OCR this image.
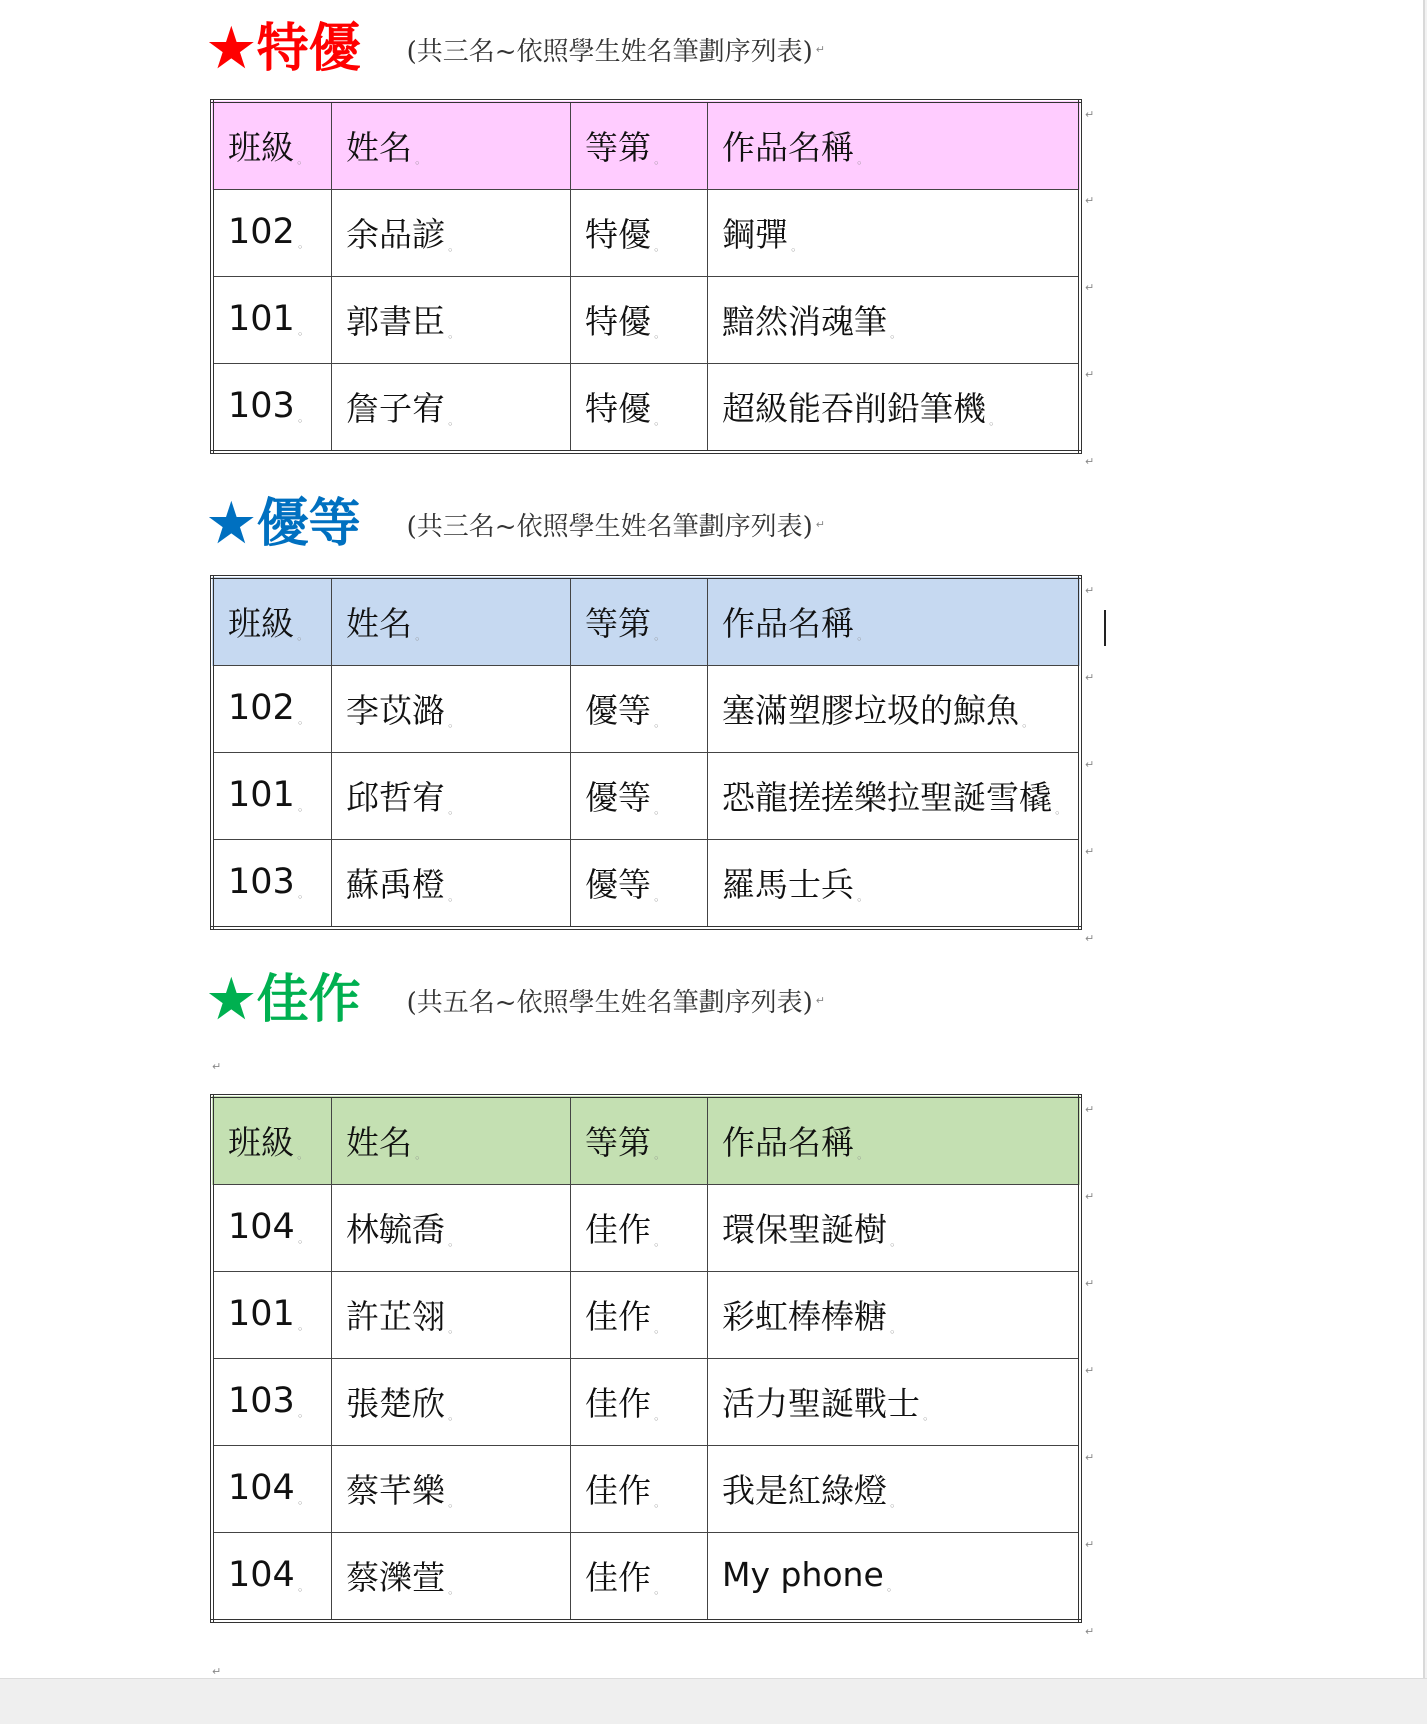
★特優 (共三名~依照學生姓名筆劃序列表) ↵
班級 $_◦$	姓名 $_◦$	等第 $_◦$	作品名稱 $_◦$
102 $_◦$	余品諺 $_◦$	特優 $_◦$	鋼彈 $_◦$
101 $_◦$	郭書臣 $_◦$	特優 $_◦$	黯然消魂筆 $_◦$
103 $_◦$	詹子宥 $_◦$	特優 $_◦$	超級能吞削鉛筆機 $_◦$
★優等 (共三名~依照學生姓名筆劃序列表) ↵
班級 $_◦$	姓名 $_◦$	等第 $_◦$	作品名稱 $_◦$
102 $_◦$	李苡潞 $_◦$	優等 $_◦$	塞滿塑膠垃圾的鯨魚 $_◦$
101 $_◦$	邱哲宥 $_◦$	優等 $_◦$	恐龍搓搓樂拉聖誕雪橇 $_◦$
103 $_◦$	蘇禹橙 $_◦$	優等 $_◦$	羅馬士兵 $_◦$
★佳作 (共五名~依照學生姓名筆劃序列表) ↵
↵
班級 $_◦$	姓名 $_◦$	等第 $_◦$	作品名稱 $_◦$
104 $_◦$	林毓喬 $_◦$	佳作 $_◦$	環保聖誕樹 $_◦$
101 $_◦$	許芷翎 $_◦$	佳作 $_◦$	彩虹棒棒糖 $_◦$
103 $_◦$	張楚欣 $_◦$	佳作 $_◦$	活力聖誕戰士 $_◦$
104 $_◦$	蔡芊樂 $_◦$	佳作 $_◦$	我是紅綠燈 $_◦$
104 $_◦$	蔡濼萱 $_◦$	佳作 $_◦$	My phone $_◦$
↵
↵
↵
↵
↵
↵
↵
↵
↵
↵
↵
↵
↵
↵
↵
↵
↵
↵
